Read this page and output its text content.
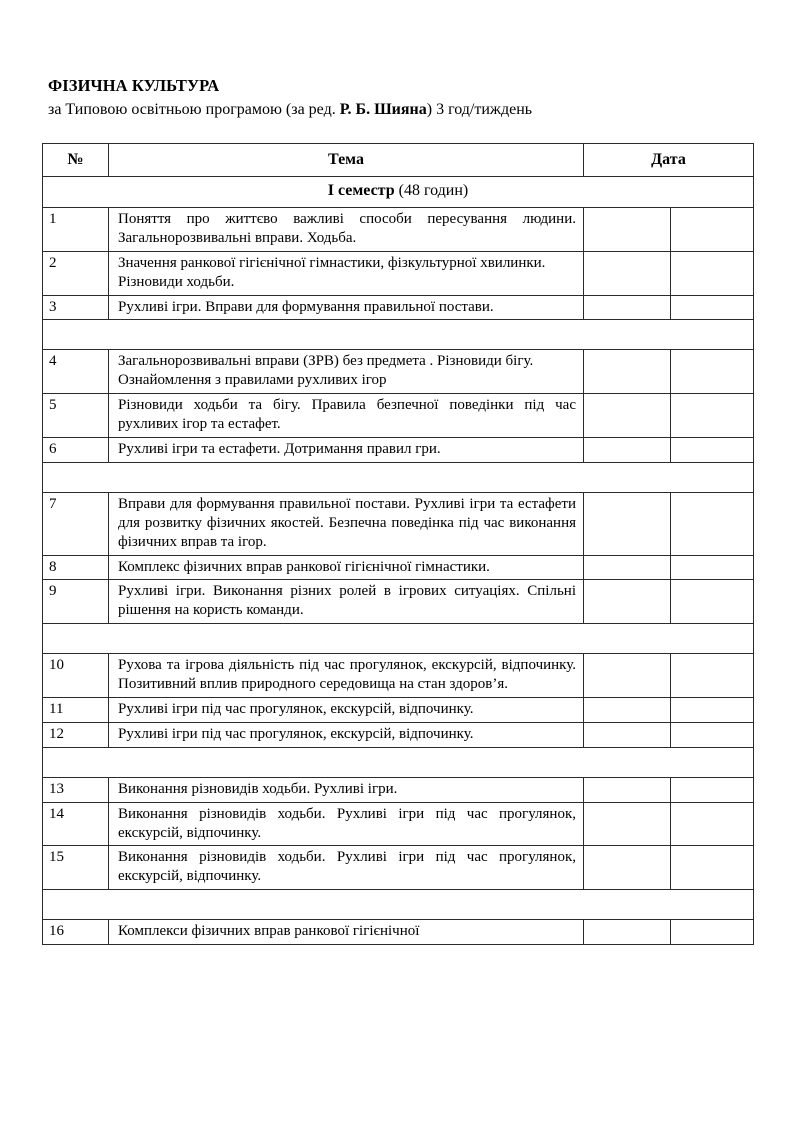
ФІЗИЧНА КУЛЬТУРА
за Типовою освітньою програмою (за ред. Р. Б. Шияна) 3 год/тиждень
№	Тема	Дата	
І семестр (48 годин)			
1	Поняття про життєво важливі способи пересування людини. Загальнорозвивальні вправи. Ходьба.		
2	Значення ранкової гігієнічної гімнастики, фізкультурної хвилинки. Різновиди ходьби.		
3	Рухливі ігри. Вправи для формування правильної постави.		

4	Загальнорозвивальні вправи (ЗРВ) без предмета . Різновиди бігу. Ознайомлення з правилами рухливих ігор		
5	Різновиди ходьби та бігу. Правила безпечної поведінки під час рухливих ігор та естафет.		
6	Рухливі ігри та естафети. Дотримання правил гри.		

7	Вправи для формування правильної постави. Рухливі ігри та естафети для розвитку фізичних якостей. Безпечна поведінка під час виконання фізичних вправ та ігор.		
8	Комплекс фізичних вправ ранкової гігієнічної гімнастики.		
9	Рухливі ігри. Виконання різних ролей в ігрових ситуаціях. Спільні рішення на користь команди.		

10	Рухова та ігрова діяльність під час прогулянок, екскурсій, відпочинку. Позитивний вплив природного середовища на стан здоров’я.		
11	Рухливі ігри під час прогулянок, екскурсій, відпочинку.		
12	Рухливі ігри під час прогулянок, екскурсій, відпочинку.		

13	Виконання різновидів ходьби. Рухливі ігри.		
14	Виконання різновидів ходьби. Рухливі ігри під час прогулянок, екскурсій, відпочинку.		
15	Виконання різновидів ходьби. Рухливі ігри під час прогулянок, екскурсій, відпочинку.		

16	Комплекси фізичних вправ ранкової гігієнічної		
